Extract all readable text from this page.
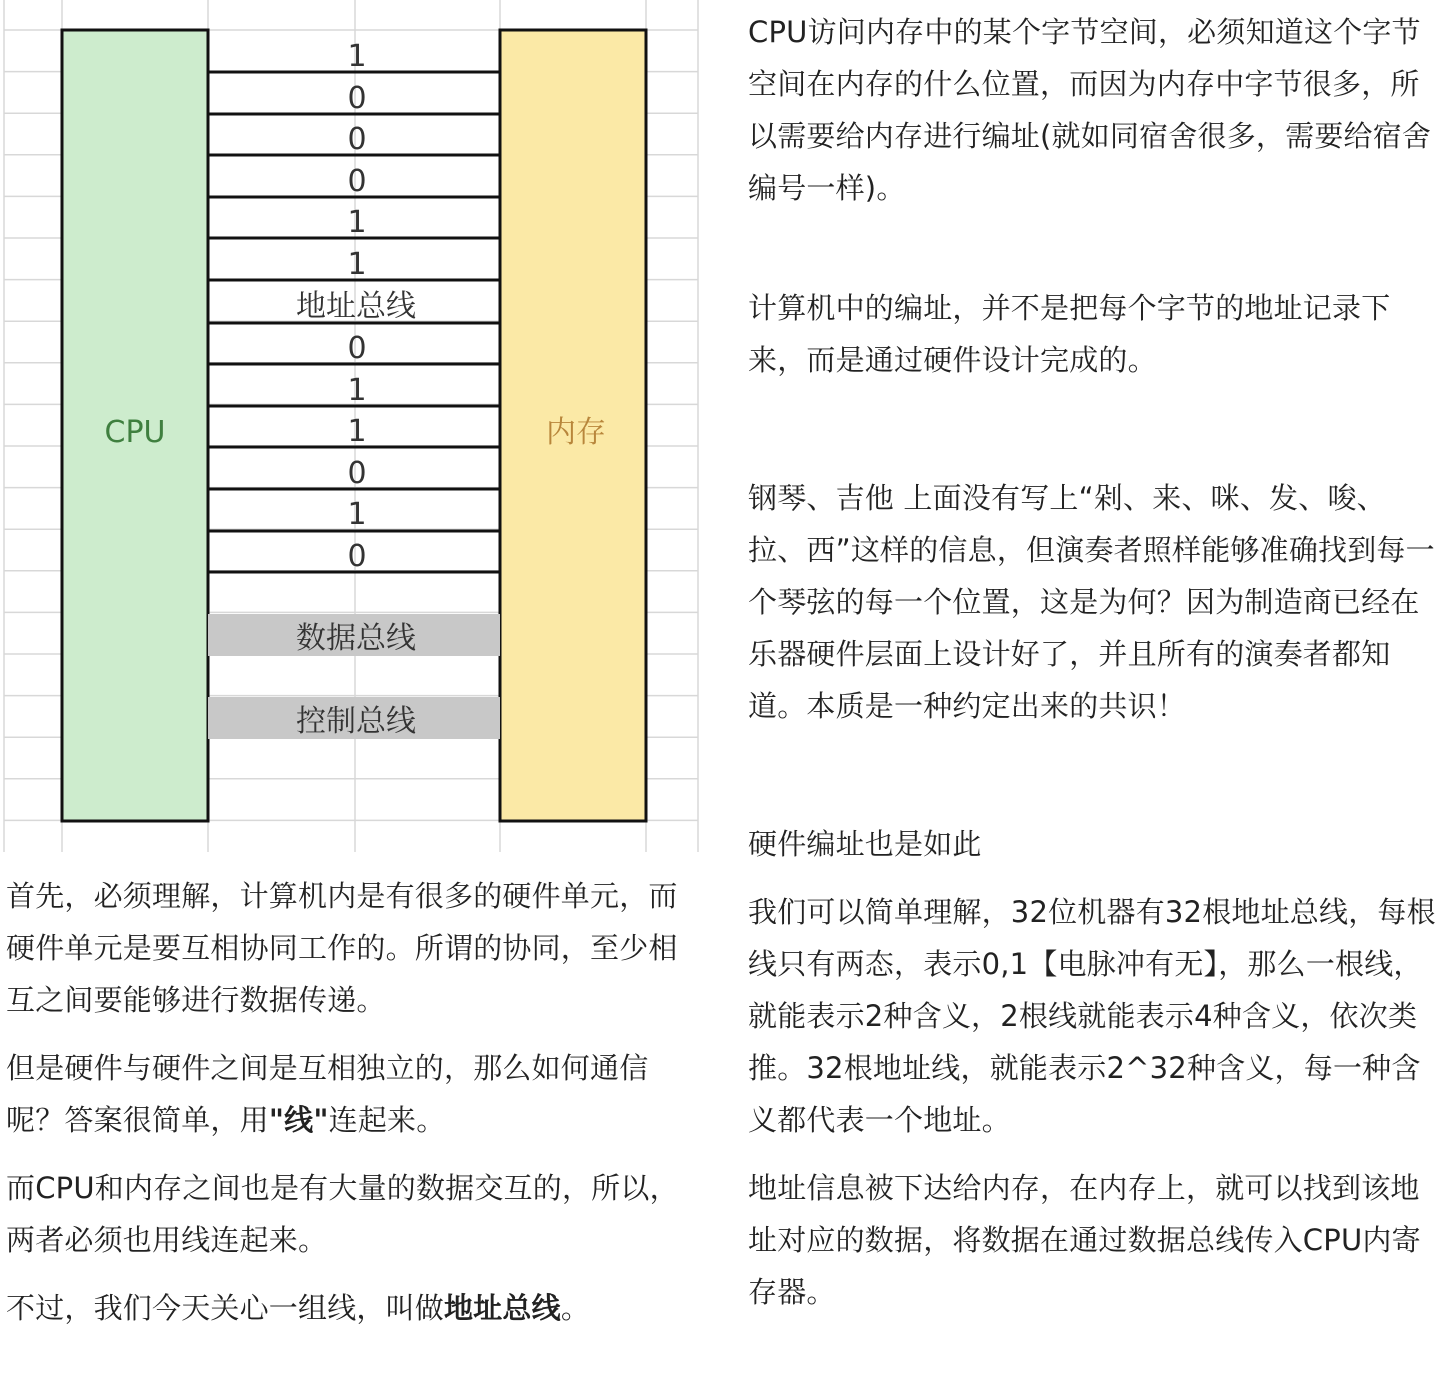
1
0
0
0
1
1
0
1
1
0
1
0
CPU	内存
地址总线
数据总线
控制总线

首先，必须理解，计算机内是有很多的硬件单元，而硬件单元是要互相协同工作的。所谓的协同，至少相互之间要能够进行数据传递。

但是硬件与硬件之间是互相独立的，那么如何通信呢？答案很简单，用"线"连起来。

而CPU和内存之间也是有大量的数据交互的，所以，两者必须也用线连起来。

不过，我们今天关心一组线，叫做地址总线。

CPU访问内存中的某个字节空间，必须知道这个字节空间在内存的什么位置，而因为内存中字节很多，所以需要给内存进行编址(就如同宿舍很多，需要给宿舍编号一样)。

计算机中的编址，并不是把每个字节的地址记录下来，而是通过硬件设计完成的。

钢琴、吉他 上面没有写上“剁、来、咪、发、唆、拉、西”这样的信息，但演奏者照样能够准确找到每一个琴弦的每一个位置，这是为何？因为制造商已经在乐器硬件层面上设计好了，并且所有的演奏者都知道。本质是一种约定出来的共识！

硬件编址也是如此

我们可以简单理解，32位机器有32根地址总线，每根线只有两态，表示0,1【电脉冲有无】，那么一根线，就能表示2种含义，2根线就能表示4种含义，依次类推。32根地址线，就能表示2^32种含义，每一种含义都代表一个地址。

地址信息被下达给内存，在内存上，就可以找到该地址对应的数据，将数据在通过数据总线传入CPU内寄存器。
